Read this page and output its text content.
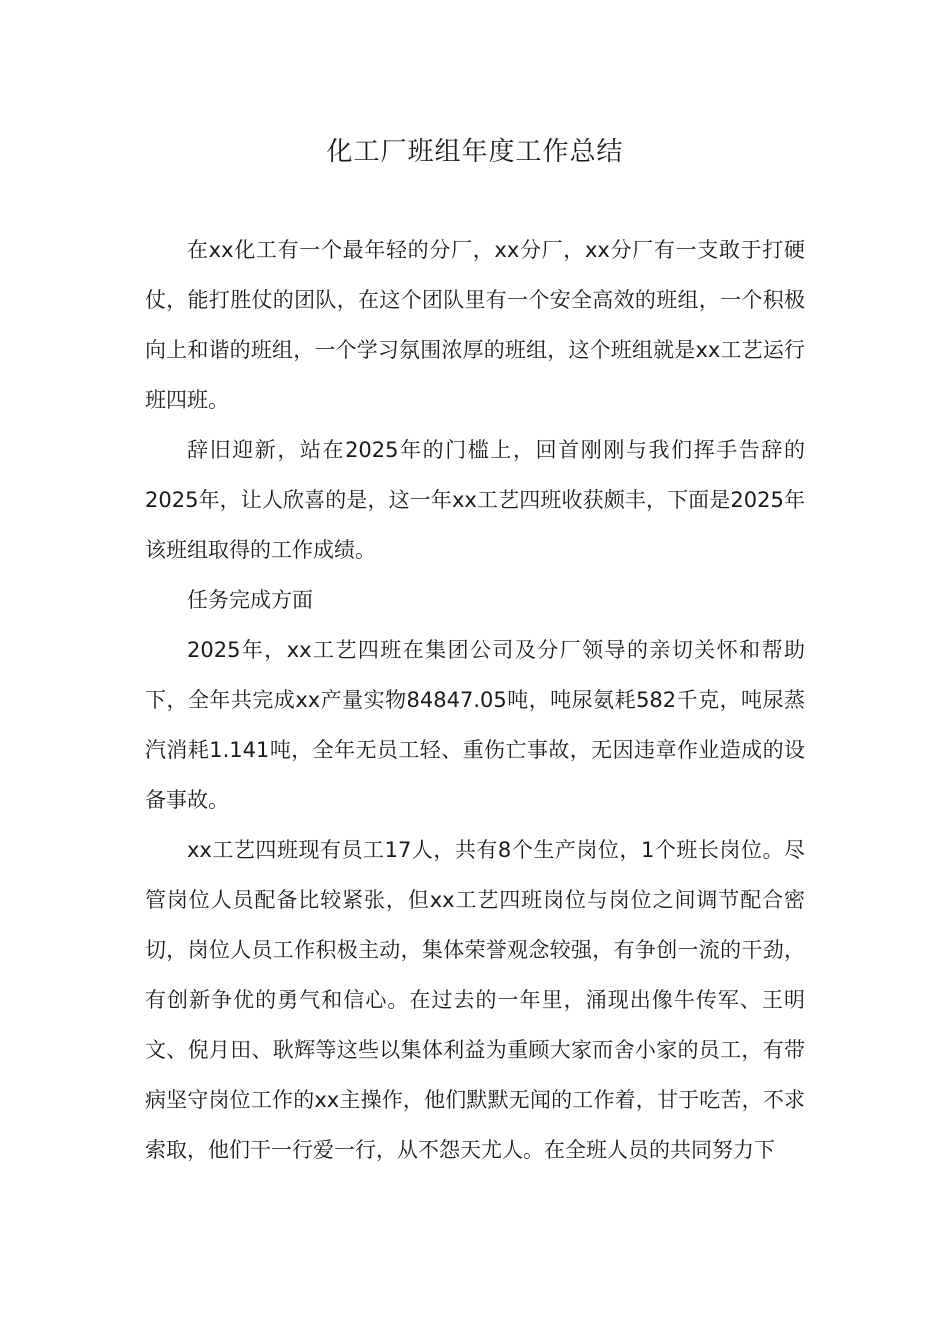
化工厂班组年度工作总结

在xx化工有一个最年轻的分厂，xx分厂，xx分厂有一支敢于打硬仗，能打胜仗的团队，在这个团队里有一个安全高效的班组，一个积极向上和谐的班组，一个学习氛围浓厚的班组，这个班组就是xx工艺运行班四班。

辞旧迎新，站在2025年的门槛上，回首刚刚与我们挥手告辞的2025年，让人欣喜的是，这一年xx工艺四班收获颇丰，下面是2025年该班组取得的工作成绩。

任务完成方面

2025年，xx工艺四班在集团公司及分厂领导的亲切关怀和帮助下，全年共完成xx产量实物84847.05吨，吨尿氨耗582千克，吨尿蒸汽消耗1.141吨，全年无员工轻、重伤亡事故，无因违章作业造成的设备事故。

xx工艺四班现有员工17人，共有8个生产岗位，1个班长岗位。尽管岗位人员配备比较紧张，但xx工艺四班岗位与岗位之间调节配合密切，岗位人员工作积极主动，集体荣誉观念较强，有争创一流的干劲，有创新争优的勇气和信心。在过去的一年里，涌现出像牛传军、王明文、倪月田、耿辉等这些以集体利益为重顾大家而舍小家的员工，有带病坚守岗位工作的xx主操作，他们默默无闻的工作着，甘于吃苦，不求索取，他们干一行爱一行，从不怨天尤人。在全班人员的共同努力下
